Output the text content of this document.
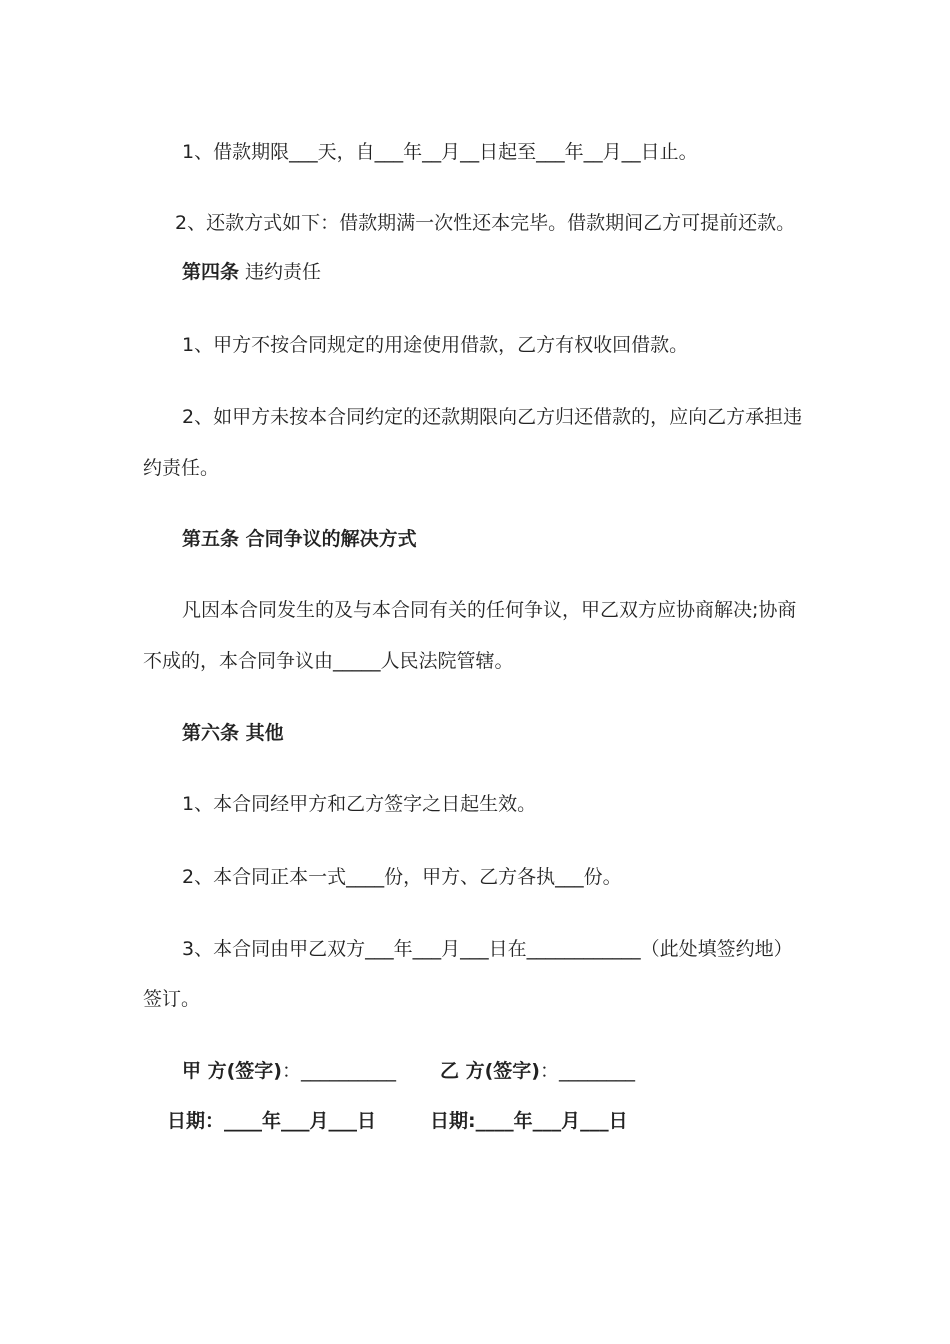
1、借款期限___天，自___年__月__日起至___年__月__日止。
2、还款方式如下：借款期满一次性还本完毕。借款期间乙方可提前还款。
第四条 违约责任
1、甲方不按合同规定的用途使用借款，乙方有权收回借款。
2、如甲方未按本合同约定的还款期限向乙方归还借款的，应向乙方承担违
约责任。
第五条 合同争议的解决方式
凡因本合同发生的及与本合同有关的任何争议，甲乙双方应协商解决;协商
不成的，本合同争议由_____人民法院管辖。
第六条 其他
1、本合同经甲方和乙方签字之日起生效。
2、本合同正本一式____份，甲方、乙方各执___份。
3、本合同由甲乙双方___年___月___日在____________（此处填签约地）
签订。
甲 方(签字)：__________ 乙 方(签字)：________
日期：____年___月___日	日期:____年___月___日
